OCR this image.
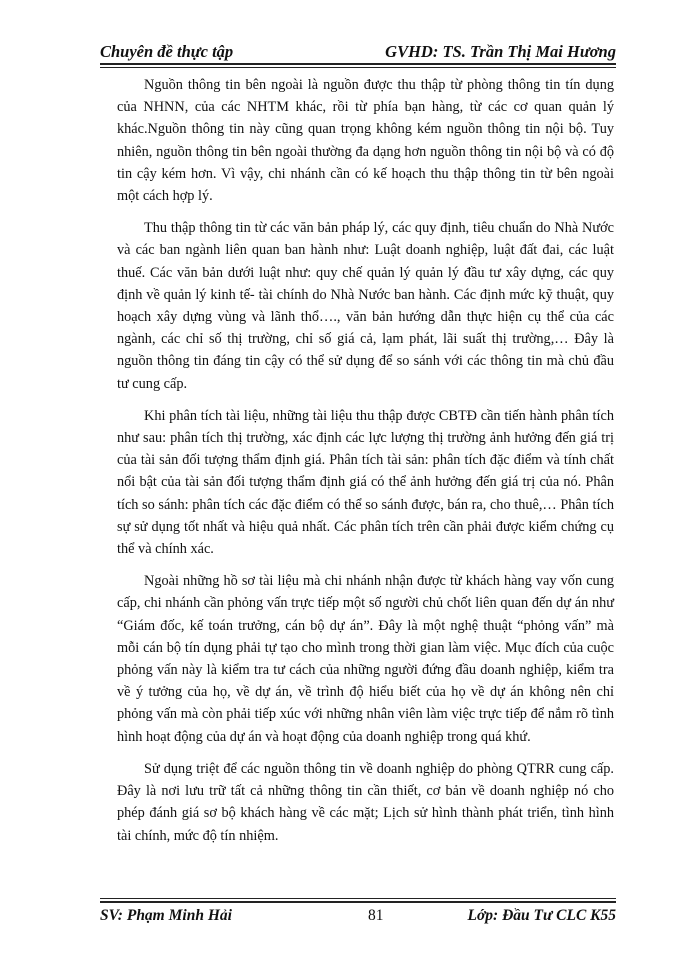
Chuyên đề thực tập	GVHD: TS. Trần Thị Mai Hương

Nguồn thông tin bên ngoài là nguồn được thu thập từ phòng thông tin tín dụng của NHNN, của các NHTM khác, rồi từ phía bạn hàng, từ các cơ quan quản lý khác.Nguồn thông tin này cũng quan trọng không kém nguồn thông tin nội bộ. Tuy nhiên, nguồn thông tin bên ngoài thường đa dạng hơn nguồn thông tin nội bộ và có độ tin cậy kém hơn. Vì vậy, chi nhánh cần có kế hoạch thu thập thông tin từ bên ngoài một cách hợp lý.

Thu thập thông tin từ các văn bản pháp lý, các quy định, tiêu chuẩn do Nhà Nước và các ban ngành liên quan ban hành như: Luật doanh nghiệp, luật đất đai, các luật thuế. Các văn bản dưới luật như: quy chế quản lý quản lý đầu tư xây dựng, các quy định về quản lý kinh tế- tài chính do Nhà Nước ban hành. Các định mức kỹ thuật, quy hoạch xây dựng vùng và lãnh thổ…., văn bản hướng dẫn thực hiện cụ thể của các ngành, các chỉ số thị trường, chỉ số giá cả, lạm phát, lãi suất thị trường,… Đây là nguồn thông tin đáng tin cậy có thể sử dụng để so sánh với các thông tin mà chủ đầu tư cung cấp.

Khi phân tích tài liệu, những tài liệu thu thập được CBTĐ cần tiến hành phân tích như sau: phân tích thị trường, xác định các lực lượng thị trường ảnh hưởng đến giá trị của tài sản đối tượng thẩm định giá. Phân tích tài sản: phân tích đặc điểm và tính chất nổi bật của tài sản đối tượng thẩm định giá có thể ảnh hưởng đến giá trị của nó. Phân tích so sánh: phân tích các đặc điểm có thể so sánh được, bán ra, cho thuê,… Phân tích sự sử dụng tốt nhất và hiệu quả nhất. Các phân tích trên cần phải được kiểm chứng cụ thể và chính xác.

Ngoài những hồ sơ tài liệu mà chi nhánh nhận được từ khách hàng vay vốn cung cấp, chi nhánh cần phỏng vấn trực tiếp một số người chủ chốt liên quan đến dự án như “Giám đốc, kế toán trưởng, cán bộ dự án”. Đây là một nghệ thuật “phỏng vấn” mà mỗi cán bộ tín dụng phải tự tạo cho mình trong thời gian làm việc. Mục đích của cuộc phỏng vấn này là kiểm tra tư cách của những người đứng đầu doanh nghiệp, kiểm tra về ý tưởng của họ, về dự án, về trình độ hiểu biết của họ về dự án không nên chỉ phỏng vấn mà còn phải tiếp xúc với những nhân viên làm việc trực tiếp để nắm rõ tình hình hoạt động của dự án và hoạt động của doanh nghiệp trong quá khứ.

Sử dụng triệt để các nguồn thông tin về doanh nghiệp do phòng QTRR cung cấp. Đây là nơi lưu trữ tất cả những thông tin cần thiết, cơ bản về doanh nghiệp nó cho phép đánh giá sơ bộ khách hàng về các mặt; Lịch sử hình thành phát triển, tình hình tài chính, mức độ tín nhiệm.

SV: Phạm Minh Hải	81	Lớp: Đầu Tư CLC K55
